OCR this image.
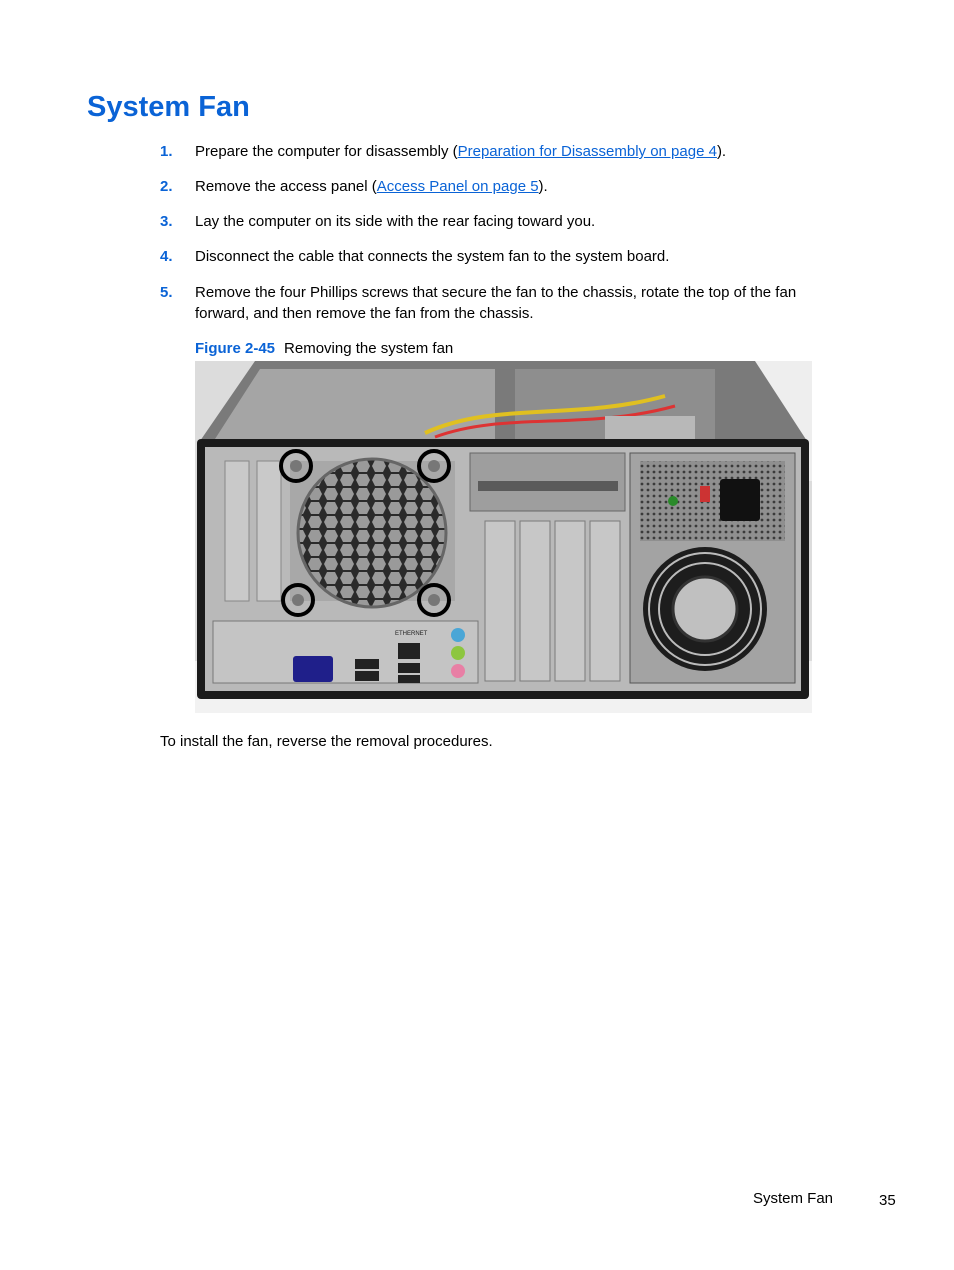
System Fan
1. Prepare the computer for disassembly (Preparation for Disassembly on page 4).
2. Remove the access panel (Access Panel on page 5).
3. Lay the computer on its side with the rear facing toward you.
4. Disconnect the cable that connects the system fan to the system board.
5. Remove the four Phillips screws that secure the fan to the chassis, rotate the top of the fan forward, and then remove the fan from the chassis.
Figure 2-45 Removing the system fan
ETHERNET
To install the fan, reverse the removal procedures.
System Fan	35
